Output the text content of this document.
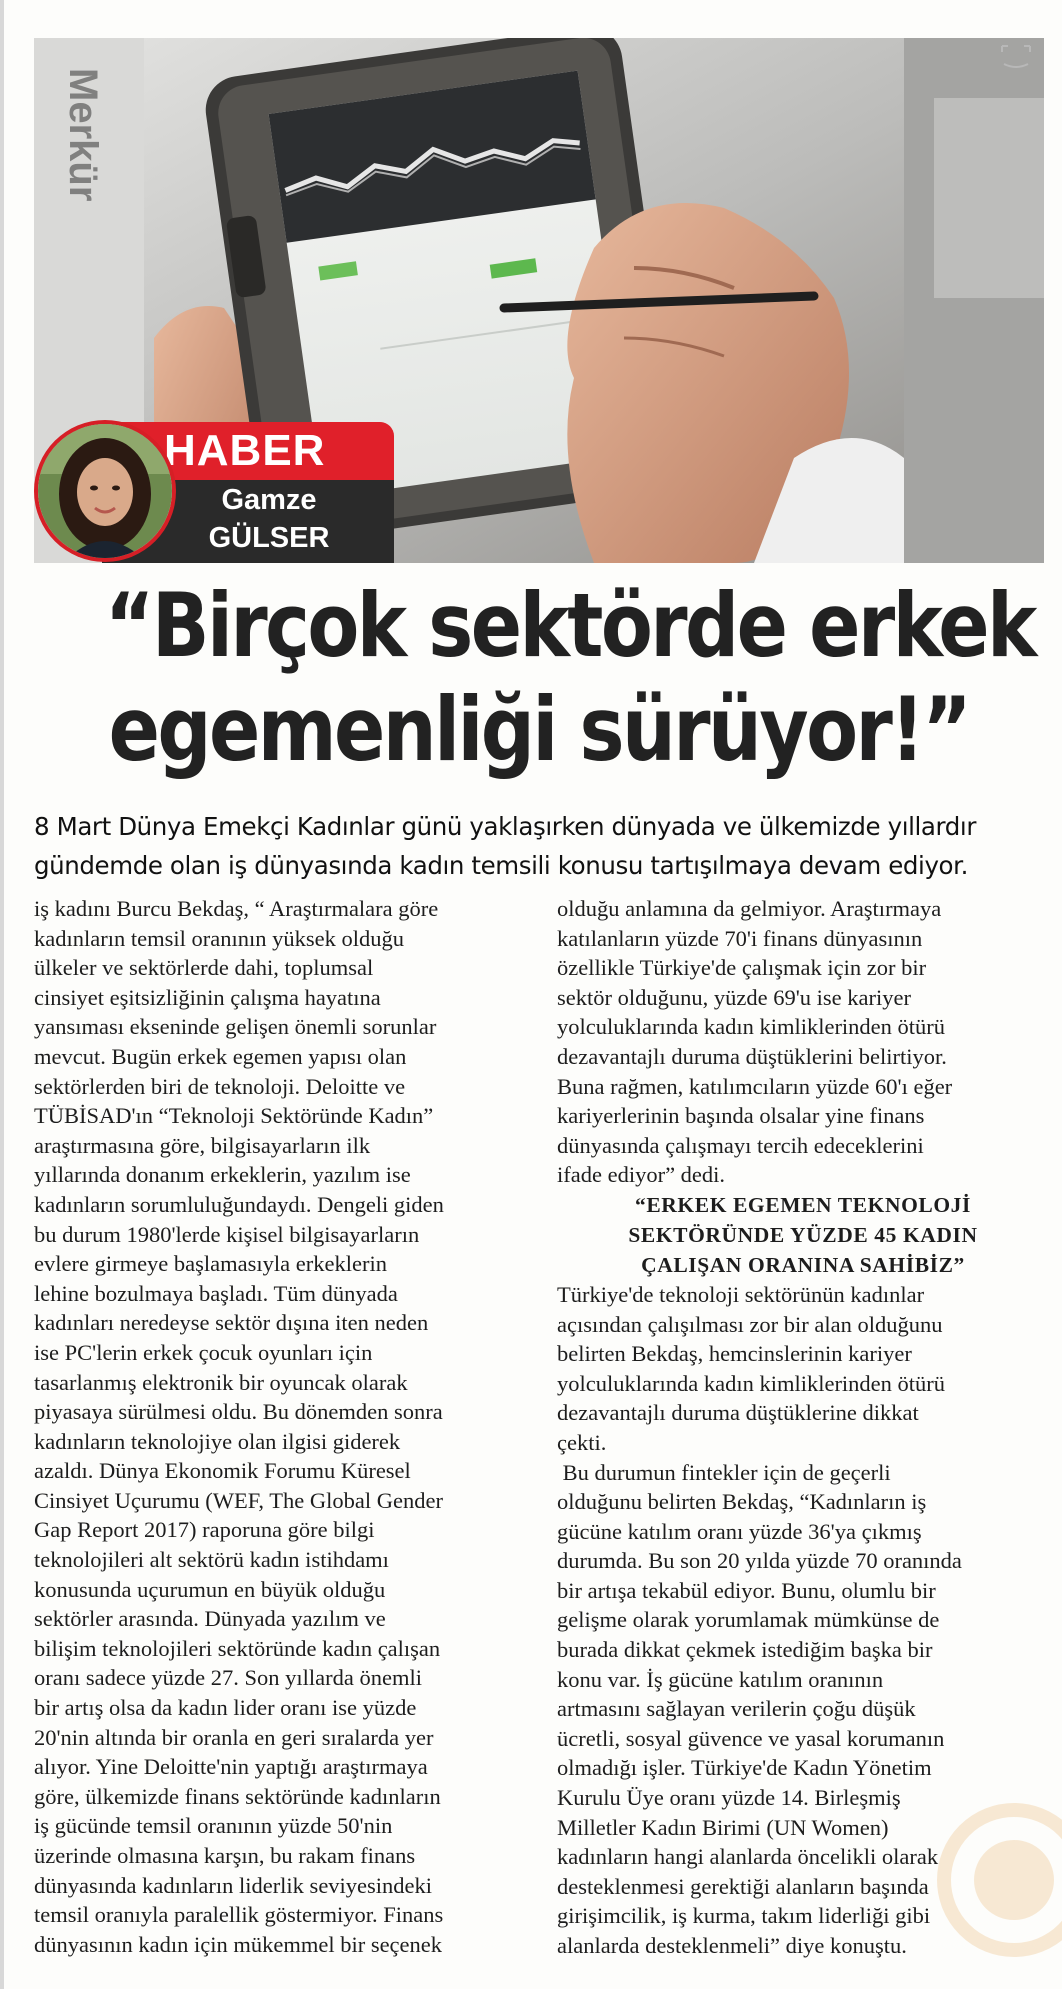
Merkür
HABER
Gamze
GÜLSER
“Birçok sektörde erkek
egemenliği sürüyor!”

8 Mart Dünya Emekçi Kadınlar günü yaklaşırken dünyada ve ülkemizde yıllardır
gündemde olan iş dünyasında kadın temsili konusu tartışılmaya devam ediyor.

iş kadını Burcu Bekdaş, “ Araştırmalara göre
kadınların temsil oranının yüksek olduğu
ülkeler ve sektörlerde dahi, toplumsal
cinsiyet eşitsizliğinin çalışma hayatına
yansıması ekseninde gelişen önemli sorunlar
mevcut. Bugün erkek egemen yapısı olan
sektörlerden biri de teknoloji. Deloitte ve
TÜBİSAD'ın “Teknoloji Sektöründe Kadın”
araştırmasına göre, bilgisayarların ilk
yıllarında donanım erkeklerin, yazılım ise
kadınların sorumluluğundaydı. Dengeli giden
bu durum 1980'lerde kişisel bilgisayarların
evlere girmeye başlamasıyla erkeklerin
lehine bozulmaya başladı. Tüm dünyada
kadınları neredeyse sektör dışına iten neden
ise PC'lerin erkek çocuk oyunları için
tasarlanmış elektronik bir oyuncak olarak
piyasaya sürülmesi oldu. Bu dönemden sonra
kadınların teknolojiye olan ilgisi giderek
azaldı. Dünya Ekonomik Forumu Küresel
Cinsiyet Uçurumu (WEF, The Global Gender
Gap Report 2017) raporuna göre bilgi
teknolojileri alt sektörü kadın istihdamı
konusunda uçurumun en büyük olduğu
sektörler arasında. Dünyada yazılım ve
bilişim teknolojileri sektöründe kadın çalışan
oranı sadece yüzde 27. Son yıllarda önemli
bir artış olsa da kadın lider oranı ise yüzde
20'nin altında bir oranla en geri sıralarda yer
alıyor. Yine Deloitte'nin yaptığı araştırmaya
göre, ülkemizde finans sektöründe kadınların
iş gücünde temsil oranının yüzde 50'nin
üzerinde olmasına karşın, bu rakam finans
dünyasında kadınların liderlik seviyesindeki
temsil oranıyla paralellik göstermiyor. Finans
dünyasının kadın için mükemmel bir seçenek
olduğu anlamına da gelmiyor. Araştırmaya
katılanların yüzde 70'i finans dünyasının
özellikle Türkiye'de çalışmak için zor bir
sektör olduğunu, yüzde 69'u ise kariyer
yolculuklarında kadın kimliklerinden ötürü
dezavantajlı duruma düştüklerini belirtiyor.
Buna rağmen, katılımcıların yüzde 60'ı eğer
kariyerlerinin başında olsalar yine finans
dünyasında çalışmayı tercih edeceklerini
ifade ediyor” dedi.
“ERKEK EGEMEN TEKNOLOJİ
SEKTÖRÜNDE YÜZDE 45 KADIN
ÇALIŞAN ORANINA SAHİBİZ”
Türkiye'de teknoloji sektörünün kadınlar
açısından çalışılması zor bir alan olduğunu
belirten Bekdaş, hemcinslerinin kariyer
yolculuklarında kadın kimliklerinden ötürü
dezavantajlı duruma düştüklerine dikkat
çekti.
Bu durumun fintekler için de geçerli
olduğunu belirten Bekdaş, “Kadınların iş
gücüne katılım oranı yüzde 36'ya çıkmış
durumda. Bu son 20 yılda yüzde 70 oranında
bir artışa tekabül ediyor. Bunu, olumlu bir
gelişme olarak yorumlamak mümkünse de
burada dikkat çekmek istediğim başka bir
konu var. İş gücüne katılım oranının
artmasını sağlayan verilerin çoğu düşük
ücretli, sosyal güvence ve yasal korumanın
olmadığı işler. Türkiye'de Kadın Yönetim
Kurulu Üye oranı yüzde 14. Birleşmiş
Milletler Kadın Birimi (UN Women)
kadınların hangi alanlarda öncelikli olarak
desteklenmesi gerektiği alanların başında
girişimcilik, iş kurma, takım liderliği gibi
alanlarda desteklenmeli” diye konuştu.
